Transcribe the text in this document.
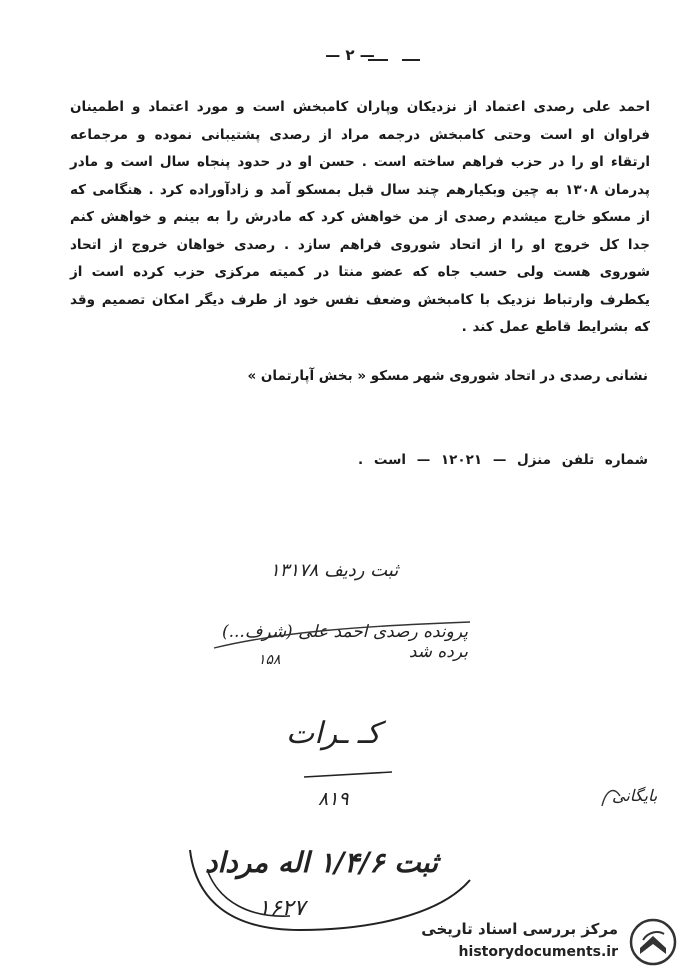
— ۲ —
احمد علی رصدی اعتماد از نزدیکان وپاران کامبخش است و مورد اعتماد و اطمینان فراوان او است وحتی کامبخش درجمه‌ مراد از رصدی پشتیبانی نموده و مرجماعه ارتقاء او را در حزب فراهم ساخته است . حسن او در حدود پنجاه سال است و مادر پدرمان ۱۳۰۸ به چین وبکیارهم چند سال قبل بمسکو آمد و زادآوراده کرد . هنگامی که از مسکو خارج میشدم رصدی از من خواهش کرد که مادرش را به بینم و خواهش کنم جدا کل خروج او را از اتحاد شوروی فراهم سازد . رصدی خواهان خروج از اتحاد شوروی هست ولی حسب جاه که عضو منتا در کمیته مرکزی حزب کرده است از یکطرف وارتباط نزدیک با کامبخش وضعف نفس خود از طرف دیگر امکان تصمیم وقد که بشرایط قاطع عمل کند .
نشانی رصدی در اتحاد شوروی شهر مسکو « بخش آپارتمان »
شماره تلفن منزل — ۱۲۰۲۱ — است .
ثبت ردیف ۱۳۱۷۸
پرونده رصدی احمد علی (شرف...) برده شد
۱۵۸
کـ ـرات
بایگانی
۸۱۹
ثبت ۱/۴/۶ اله مرداد
۱۶۲۷
مرکز بررسی اسناد تاریخی
historydocuments.ir
